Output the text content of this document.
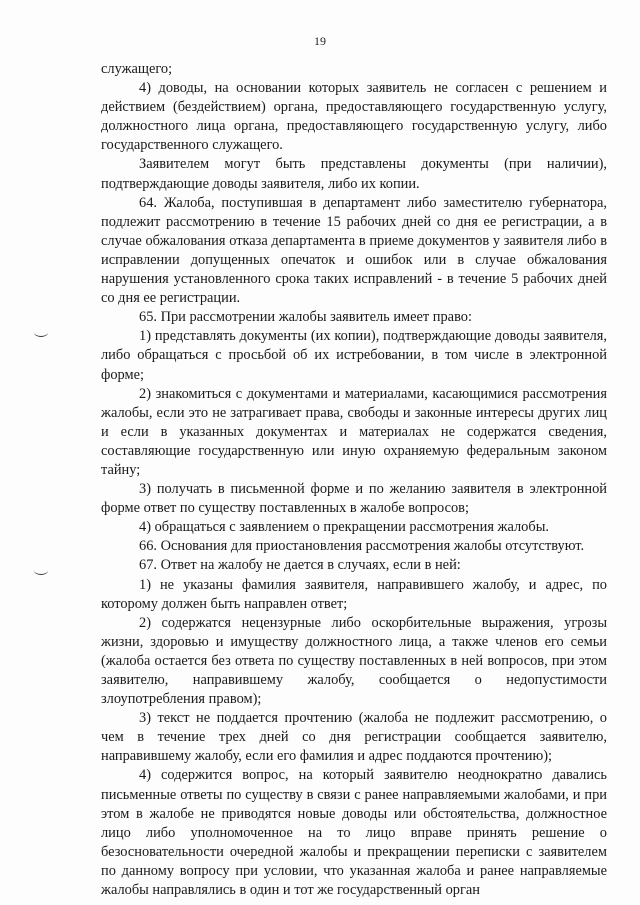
19

служащего;

4) доводы, на основании которых заявитель не согласен с решением и действием (бездействием) органа, предоставляющего государственную услугу, должностного лица органа, предоставляющего государственную услугу, либо государственного служащего.

Заявителем могут быть представлены документы (при наличии), подтверждающие доводы заявителя, либо их копии.

64. Жалоба, поступившая в департамент либо заместителю губернатора, подлежит рассмотрению в течение 15 рабочих дней со дня ее регистрации, а в случае обжалования отказа департамента в приеме документов у заявителя либо в исправлении допущенных опечаток и ошибок или в случае обжалования нарушения установленного срока таких исправлений - в течение 5 рабочих дней со дня ее регистрации.

65. При рассмотрении жалобы заявитель имеет право:

1) представлять документы (их копии), подтверждающие доводы заявителя, либо обращаться с просьбой об их истребовании, в том числе в электронной форме;

2) знакомиться с документами и материалами, касающимися рассмотрения жалобы, если это не затрагивает права, свободы и законные интересы других лиц и если в указанных документах и материалах не содержатся сведения, составляющие государственную или иную охраняемую федеральным законом тайну;

3) получать в письменной форме и по желанию заявителя в электронной форме ответ по существу поставленных в жалобе вопросов;

4) обращаться с заявлением о прекращении рассмотрения жалобы.

66. Основания для приостановления рассмотрения жалобы отсутствуют.

67. Ответ на жалобу не дается в случаях, если в ней:

1) не указаны фамилия заявителя, направившего жалобу, и адрес, по которому должен быть направлен ответ;

2) содержатся нецензурные либо оскорбительные выражения, угрозы жизни, здоровью и имуществу должностного лица, а также членов его семьи (жалоба остается без ответа по существу поставленных в ней вопросов, при этом заявителю, направившему жалобу, сообщается о недопустимости злоупотребления правом);

3) текст не поддается прочтению (жалоба не подлежит рассмотрению, о чем в течение трех дней со дня регистрации сообщается заявителю, направившему жалобу, если его фамилия и адрес поддаются прочтению);

4) содержится вопрос, на который заявителю неоднократно давались письменные ответы по существу в связи с ранее направляемыми жалобами, и при этом в жалобе не приводятся новые доводы или обстоятельства, должностное лицо либо уполномоченное на то лицо вправе принять решение о безосновательности очередной жалобы и прекращении переписки с заявителем по данному вопросу при условии, что указанная жалоба и ранее направляемые жалобы направлялись в один и тот же государственный орган
